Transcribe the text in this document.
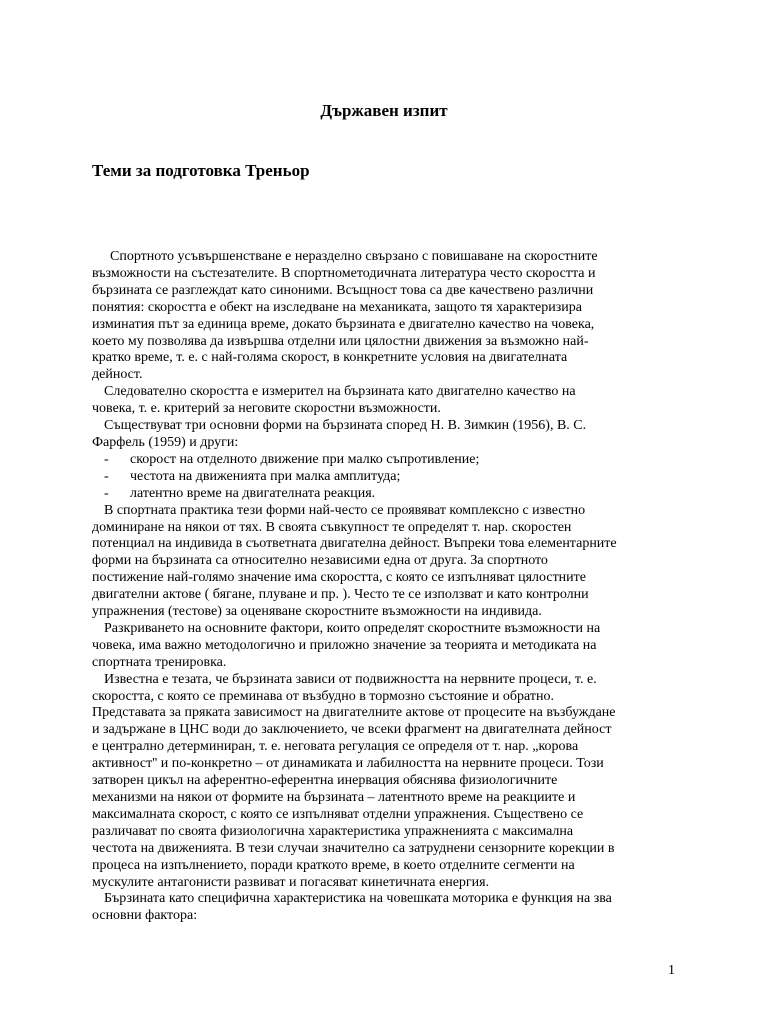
Държавен изпит
Теми за подготовка Треньор

Спортното усъвършенстване е неразделно свързано с повишаване на скоростните
възможности на състезателите. В спортнометодичната литература често скоростта и
бързината се разглеждат като синоними. Всъщност това са две качествено различни
понятия: скоростта е обект на изследване на механиката, защото тя характеризира
изминатия път за единица време, докато бързината е двигателно качество на човека,
което му позволява да извършва отделни или цялостни движения за възможно най-
кратко време, т. е. с най-голяма скорост, в конкретните условия на двигателната
дейност.

Следователно скоростта е измерител на бързината като двигателно качество на
човека, т. е. критерий за неговите скоростни възможности.

Съществуват три основни форми на бързината според Н. В. Зимкин (1956), В. С.
Фарфель (1959) и други:

- скорост на отделното движение при малко съпротивление;
- честота на движенията при малка амплитуда;
- латентно време на двигателната реакция.

В спортната практика тези форми най-често се проявяват комплексно с известно
доминиране на някои от тях. В своята съвкупност те определят т. нар. скоростен
потенциал на индивида в съответната двигателна дейност. Въпреки това елементарните
форми на бързината са относително независими една от друга. За спортното
постижение най-голямо значение има скоростта, с която се изпълняват цялостните
двигателни актове ( бягане, плуване и пр. ). Често те се използват и като контролни
упражнения (тестове) за оценяване скоростните възможности на индивида.

Разкриването на основните фактори, които определят скоростните възможности на
човека, има важно методологично и приложно значение за теорията и методиката на
спортната тренировка.

Известна е тезата, че бързината зависи от подвижността на нервните процеси, т. е.
скоростта, с която се преминава от възбудно в тормозно състояние и обратно.
Представата за пряката зависимост на двигателните актове от процесите на възбуждане
и задържане в ЦНС води до заключението, че всеки фрагмент на двигателната дейност
е централно детерминиран, т. е. неговата регулация се определя от т. нар. „корова
активност'' и по-конкретно – от динамиката и лабилността на нервните процеси. Този
затворен цикъл на аферентно-еферентна инервация обяснява физиологичните
механизми на някои от формите на бързината – латентното време на реакциите и
максималната скорост, с която се изпълняват отделни упражнения. Съществено се
различават по своята физиологична характеристика упражненията с максимална
честота на движенията. В тези случаи значително са затруднени сензорните корекции в
процеса на изпълнението, поради краткото време, в което отделните сегменти на
мускулите антагонисти развиват и погасяват кинетичната енергия.

Бързината като специфична характеристика на човешката моторика е функция на зва
основни фактора:

1
